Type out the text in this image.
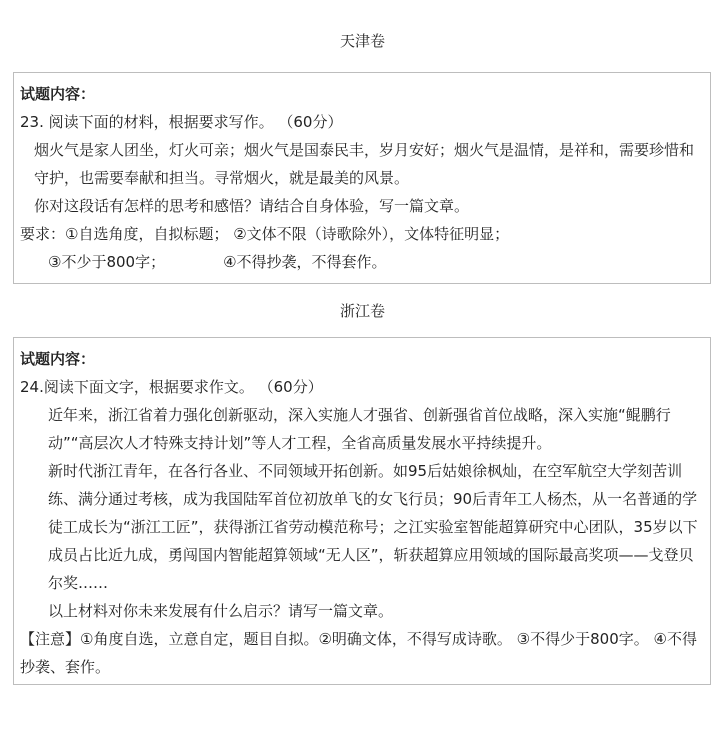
天津卷
试题内容：
23. 阅读下面的材料，根据要求写作。 （60分）
烟火气是家人团坐，灯火可亲；烟火气是国泰民丰，岁月安好；烟火气是温情，是祥和，需要珍惜和守护，也需要奉献和担当。寻常烟火，就是最美的风景。
你对这段话有怎样的思考和感悟？请结合自身体验，写一篇文章。
要求：①自选角度，自拟标题； ②文体不限（诗歌除外），文体特征明显；
③不少于800字；	④不得抄袭，不得套作。
浙江卷
试题内容：
24.阅读下面文字，根据要求作文。 （60分）
近年来，浙江省着力强化创新驱动，深入实施人才强省、创新强省首位战略，深入实施“鲲鹏行动”“高层次人才特殊支持计划”等人才工程，全省高质量发展水平持续提升。
新时代浙江青年，在各行各业、不同领域开拓创新。如95后姑娘徐枫灿，在空军航空大学刻苦训练、满分通过考核，成为我国陆军首位初放单飞的女飞行员；90后青年工人杨杰，从一名普通的学徒工成长为“浙江工匠”，获得浙江省劳动模范称号；之江实验室智能超算研究中心团队，35岁以下成员占比近九成，勇闯国内智能超算领域“无人区”，斩获超算应用领域的国际最高奖项——戈登贝尔奖……
以上材料对你未来发展有什么启示？请写一篇文章。
【注意】①角度自选，立意自定，题目自拟。②明确文体，不得写成诗歌。 ③不得少于800字。 ④不得抄袭、套作。
